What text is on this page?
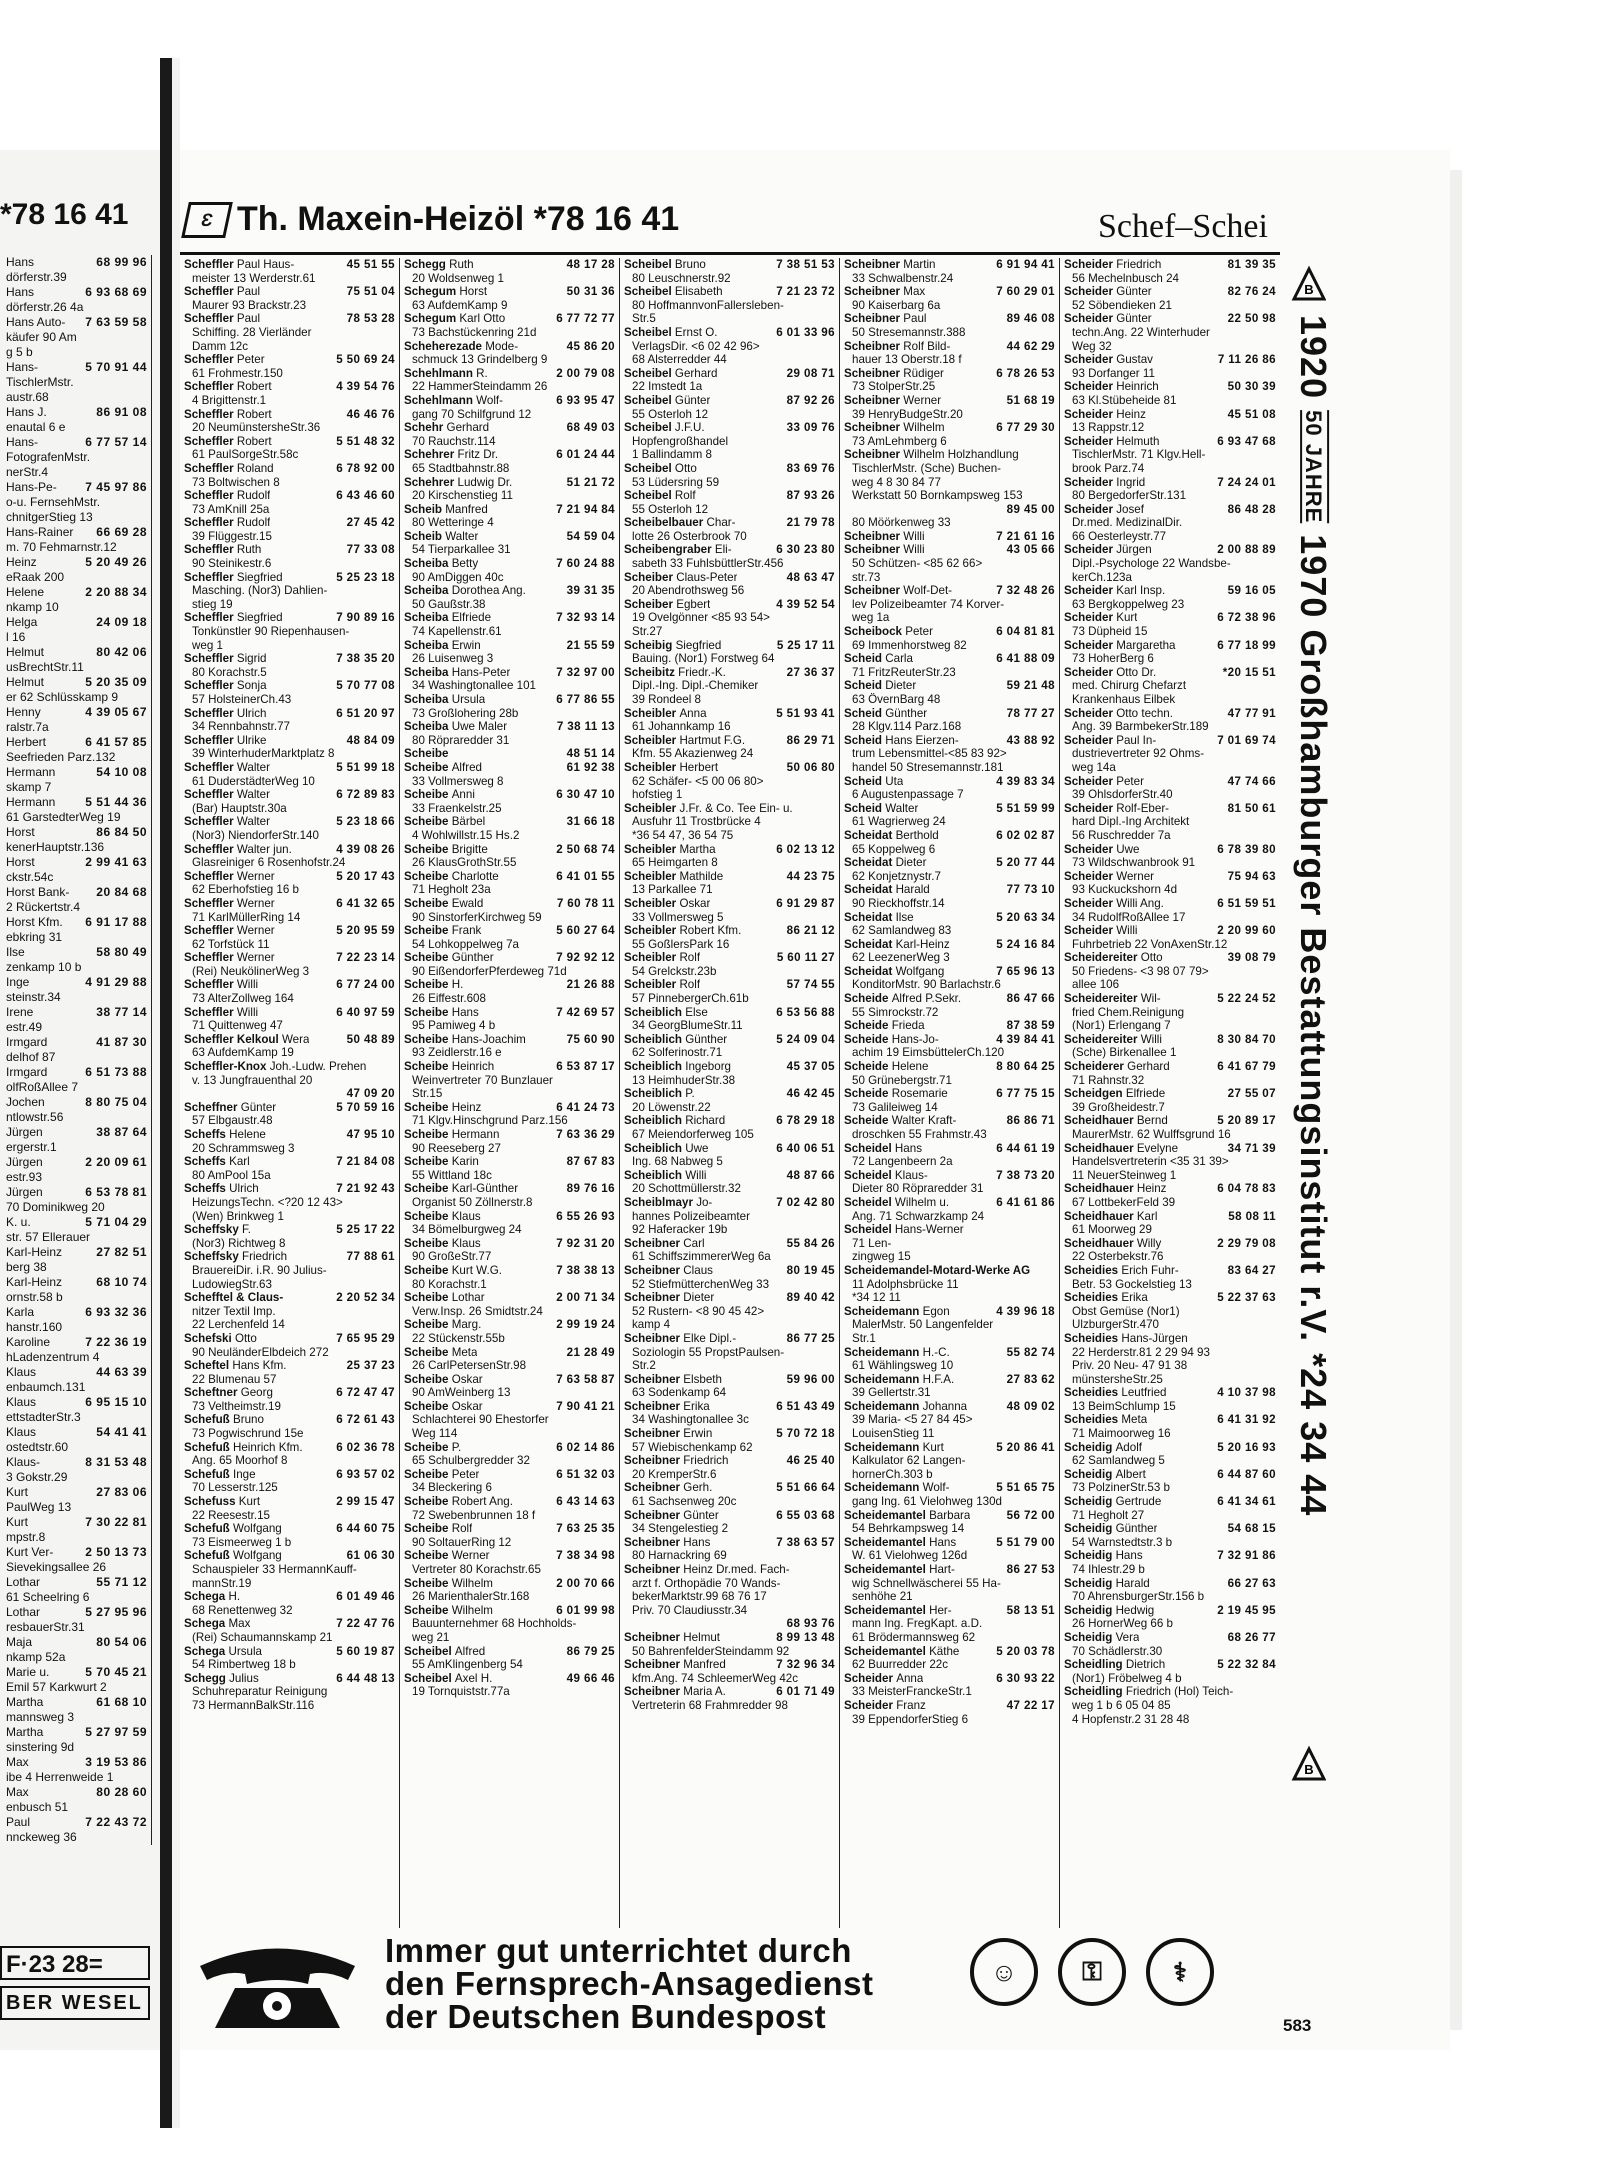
*78 16 41
Hans	68 99 96
dörferstr.39
Hans	6 93 68 69
dörferstr.26 4a
Hans Auto- 7 63 59 58
käufer 90 Am
g 5 b
Hans-	5 70 91 44
TischlerMstr.
austr.68
Hans J.	86 91 08
enautal 6 e
Hans-	6 77 57 14
FotografenMstr.
nerStr.4
Hans-Pe- 7 45 97 86
o-u. FernsehMstr.
chnitgerStieg 13
Hans-Rainer 66 69 28
m. 70 Fehmarnstr.12
Heinz	5 20 49 26
eRaak 200
Helene	2 20 88 34
nkamp 10
Helga	24 09 18
l 16
Helmut	80 42 06
usBrechtStr.11
Helmut	5 20 35 09
er 62 Schlüsskamp 9
Henny	4 39 05 67
ralstr.7a
Herbert	6 41 57 85
Seefrieden Parz.132
Hermann	54 10 08
skamp 7
Hermann 5 51 44 36
61 GarstedterWeg 19
Horst	86 84 50
kenerHauptstr.136
Horst	2 99 41 63
ckstr.54c
Horst Bank- 20 84 68
2 Rückertstr.4
Horst Kfm. 6 91 17 88
ebkring 31
Ilse	58 80 49
zenkamp 10 b
Inge	4 91 29 88
steinstr.34
Irene	38 77 14
estr.49
Irmgard	41 87 30
delhof 87
Irmgard	6 51 73 88
olfRoßAllee 7
Jochen	8 80 75 04
ntlowstr.56
Jürgen	38 87 64
ergerstr.1
Jürgen	2 20 09 61
estr.93
Jürgen	6 53 78 81
70 Dominikweg 20
K. u.	5 71 04 29
str. 57 Ellerauer
Karl-Heinz	27 82 51
berg 38
Karl-Heinz	68 10 74
ornstr.58 b
Karla	6 93 32 36
hanstr.160
Karoline	7 22 36 19
hLadenzentrum 4
Klaus	44 63 39
enbaumch.131
Klaus	6 95 15 10
ettstadterStr.3
Klaus	54 41 41
ostedtstr.60
Klaus-	8 31 53 48
3 Gokstr.29
Kurt	27 83 06
PaulWeg 13
Kurt	7 30 22 81
mpstr.8
Kurt Ver-	2 50 13 73
Sievekingsallee 26
Lothar	55 71 12
61 Scheelring 6
Lothar	5 27 95 96
resbauerStr.31
Maja	80 54 06
nkamp 52a
Marie u.	5 70 45 21
Emil 57 Karkwurt 2
Martha	61 68 10
mannsweg 3
Martha	5 27 97 59
sinstering 9d
Max	3 19 53 86
ibe 4 Herrenweide 1
Max	80 28 60
enbusch 51
Paul	7 22 43 72
nnckeweg 36
F·23 28=
BER WESEL
Ɛ Th. Maxein-Heizöl *78 16 41	Schef–Schei
Scheffler Paul Haus-	45 51 55
meister 13 Werderstr.61
Scheffler Paul	75 51 04
Maurer 93 Brackstr.23
Scheffler Paul	78 53 28
Schiffing. 28 Vierländer
Damm 12c
Scheffler Peter	5 50 69 24
61 Frohmestr.150
Scheffler Robert	4 39 54 76
4 Brigittenstr.1
Scheffler Robert	46 46 76
20 NeumünstersheStr.36
Scheffler Robert	5 51 48 32
61 PaulSorgeStr.58c
Scheffler Roland	6 78 92 00
73 Boltwischen 8
Scheffler Rudolf	6 43 46 60
73 AmKnill 25a
Scheffler Rudolf	27 45 42
39 Flüggestr.15
Scheffler Ruth	77 33 08
90 Steinikestr.6
Scheffler Siegfried	5 25 23 18
Masching. (Nor3) Dahlien-
stieg 19
Scheffler Siegfried	7 90 89 16
Tonkünstler 90 Riepenhausen-
weg 1
Scheffler Sigrid	7 38 35 20
80 Korachstr.5
Scheffler Sonja	5 70 77 08
57 HolsteinerCh.43
Scheffler Ulrich	6 51 20 97
34 Rennbahnstr.77
Scheffler Ulrike	48 84 09
39 WinterhuderMarktplatz 8
Scheffler Walter	5 51 99 18
61 DuderstädterWeg 10
Scheffler Walter	6 72 89 83
(Bar) Hauptstr.30a
Scheffler Walter	5 23 18 66
(Nor3) NiendorferStr.140
Scheffler Walter jun.	4 39 08 26
Glasreiniger 6 Rosenhofstr.24
Scheffler Werner	5 20 17 43
62 Eberhofstieg 16 b
Scheffler Werner	6 41 32 65
71 KarlMüllerRing 14
Scheffler Werner	5 20 95 59
62 Torfstück 11
Scheffler Werner	7 22 23 14
(Rei) NeukölinerWeg 3
Scheffler Willi	6 77 24 00
73 AlterZollweg 164
Scheffler Willi	6 40 97 59
71 Quittenweg 47
Scheffler Kelkoul Wera	50 48 89
63 AufdemKamp 19
Scheffler-Knox Joh.-Ludw. Prehen
v. 13 Jungfrauenthal 20
47 09 20
Scheffner Günter	5 70 59 16
57 Elbgaustr.48
Scheffs Helene	47 95 10
20 Schrammsweg 3
Scheffs Karl	7 21 84 08
80 AmPool 15a
Scheffs Ulrich	7 21 92 43
HeizungsTechn. <?20 12 43>
(Wen) Brinkweg 1
Scheffsky F.	5 25 17 22
(Nor3) Richtweg 8
Scheffsky Friedrich	77 88 61
BrauereiDir. i.R. 90 Julius-
LudowiegStr.63
Schefftel & Claus-	2 20 52 34
nitzer Textil Imp.
22 Lerchenfeld 14
Schefski Otto	7 65 95 29
90 NeuländerElbdeich 272
Scheftel Hans Kfm.	25 37 23
22 Blumenau 57
Scheftner Georg	6 72 47 47
73 Veltheimstr.19
Schefuß Bruno	6 72 61 43
73 Pogwischrund 15e
Schefuß Heinrich Kfm.	6 02 36 78
Ang. 65 Moorhof 8
Schefuß Inge	6 93 57 02
70 Lesserstr.125
Schefuss Kurt	2 99 15 47
22 Reesestr.15
Schefuß Wolfgang	6 44 60 75
73 Eismeerweg 1 b
Schefuß Wolfgang	61 06 30
Schauspieler 33 HermannKauff-
mannStr.19
Schega H.	6 01 49 46
68 Renettenweg 32
Schega Max	7 22 47 76
(Rei) Schaumannskamp 21
Schega Ursula	5 60 19 87
54 Rimbertweg 18 b
Schegg Julius	6 44 48 13
Schuhreparatur Reinigung
73 HermannBalkStr.116
Schegg Ruth	48 17 28
20 Woldsenweg 1
Schegum Horst	50 31 36
63 AufdemKamp 9
Schegum Karl Otto	6 77 72 77
73 Bachstückenring 21d
Scheherezade Mode-	45 86 20
schmuck 13 Grindelberg 9
Schehlmann R.	2 00 79 08
22 HammerSteindamm 26
Schehlmann Wolf-	6 93 95 47
gang 70 Schilfgrund 12
Schehr Gerhard	68 49 03
70 Rauchstr.114
Schehrer Fritz Dr.	6 01 24 44
65 Stadtbahnstr.88
Schehrer Ludwig Dr.	51 21 72
20 Kirschenstieg 11
Scheib Manfred	7 21 94 84
80 Wetteringe 4
Scheib Walter	54 59 04
54 Tierparkallee 31
Scheiba Betty	7 60 24 88
90 AmDiggen 40c
Scheiba Dorothea Ang.	39 31 35
50 Gaußstr.38
Scheiba Elfriede	7 32 93 14
74 Kapellenstr.61
Scheiba Erwin	21 55 59
26 Luisenweg 3
Scheiba Hans-Peter	7 32 97 00
34 Washingtonallee 101
Scheiba Ursula	6 77 86 55
73 Großlohering 28b
Scheiba Uwe Maler	7 38 11 13
80 Röpraredder 31
Scheibe	48 51 14
Scheibe Alfred	61 92 38
33 Vollmersweg 8
Scheibe Anni	6 30 47 10
33 Fraenkelstr.25
Scheibe Bärbel	31 66 18
4 Wohlwillstr.15 Hs.2
Scheibe Brigitte	2 50 68 74
26 KlausGrothStr.55
Scheibe Charlotte	6 41 01 55
71 Hegholt 23a
Scheibe Ewald	7 60 78 11
90 SinstorferKirchweg 59
Scheibe Frank	5 60 27 64
54 Lohkoppelweg 7a
Scheibe Günther	7 92 92 12
90 EißendorferPferdeweg 71d
Scheibe H.	21 26 88
26 Eiffestr.608
Scheibe Hans	7 42 69 57
95 Pamiweg 4 b
Scheibe Hans-Joachim	75 60 90
93 Zeidlerstr.16 e
Scheibe Heinrich	6 53 87 17
Weinvertreter 70 Bunzlauer
Str.15
Scheibe Heinz	6 41 24 73
71 Klgv.Hinschgrund Parz.156
Scheibe Hermann	7 63 36 29
90 Reeseberg 27
Scheibe Karin	87 67 83
55 Wittland 18c
Scheibe Karl-Günther	89 76 16
Organist 50 Zöllnerstr.8
Scheibe Klaus	6 55 26 93
34 Bömelburgweg 24
Scheibe Klaus	7 92 31 20
90 GroßeStr.77
Scheibe Kurt W.G.	7 38 38 13
80 Korachstr.1
Scheibe Lothar	2 00 71 34
Verw.Insp. 26 Smidtstr.24
Scheibe Marg.	2 99 19 24
22 Stückenstr.55b
Scheibe Meta	21 28 49
26 CarlPetersenStr.98
Scheibe Oskar	7 63 58 87
90 AmWeinberg 13
Scheibe Oskar	7 90 41 21
Schlachterei 90 Ehestorfer
Weg 114
Scheibe P.	6 02 14 86
65 Schulbergredder 32
Scheibe Peter	6 51 32 03
34 Bleckering 6
Scheibe Robert Ang.	6 43 14 63
72 Swebenbrunnen 18 f
Scheibe Rolf	7 63 25 35
90 SoltauerRing 12
Scheibe Werner	7 38 34 98
Vertreter 80 Korachstr.65
Scheibe Wilhelm	2 00 70 66
26 MarienthalerStr.168
Scheibe Wilhelm	6 01 99 98
Bauunternehmer 68 Hochholds-
weg 21
Scheibel Alfred	86 79 25
55 AmKlingenberg 54
Scheibel Axel H.	49 66 46
19 Tornquiststr.77a
Scheibel Bruno	7 38 51 53
80 Leuschnerstr.92
Scheibel Elisabeth	7 21 23 72
80 HoffmannvonFallersleben-
Str.5
Scheibel Ernst O.	6 01 33 96
VerlagsDir. <6 02 42 96>
68 Alsterredder 44
Scheibel Gerhard	29 08 71
22 Imstedt 1a
Scheibel Günter	87 92 26
55 Osterloh 12
Scheibel J.F.U.	33 09 76
Hopfengroßhandel
1 Ballindamm 8
Scheibel Otto	83 69 76
53 Lüdersring 59
Scheibel Rolf	87 93 26
55 Osterloh 12
Scheibelbauer Char-	21 79 78
lotte 26 Osterbrook 70
Scheibengraber Eli-	6 30 23 80
sabeth 33 FuhlsbüttlerStr.456
Scheiber Claus-Peter	48 63 47
20 Abendrothsweg 56
Scheiber Egbert	4 39 52 54
19 Ovelgönner <85 93 54>
Str.27
Scheibig Siegfried	5 25 17 11
Bauing. (Nor1) Forstweg 64
Scheibitz Friedr.-K.	27 36 37
Dipl.-Ing. Dipl.-Chemiker
39 Rondeel 8
Scheibler Anna	5 51 93 41
61 Johannkamp 16
Scheibler Hartmut F.G.	86 29 71
Kfm. 55 Akazienweg 24
Scheibler Herbert	50 06 80
62 Schäfer- <5 00 06 80>
hofstieg 1
Scheibler J.Fr. & Co. Tee Ein- u.
Ausfuhr 11 Trostbrücke 4
*36 54 47, 36 54 75
Scheibler Martha	6 02 13 12
65 Heimgarten 8
Scheibler Mathilde	44 23 75
13 Parkallee 71
Scheibler Oskar	6 91 29 87
33 Vollmersweg 5
Scheibler Robert Kfm.	86 21 12
55 GoßlersPark 16
Scheibler Rolf	5 60 11 27
54 Grelckstr.23b
Scheibler Rolf	57 74 55
57 PinnebergerCh.61b
Scheiblich Else	6 53 56 88
34 GeorgBlumeStr.11
Scheiblich Günther	5 24 09 04
62 Solferinostr.71
Scheiblich Ingeborg	45 37 05
13 HeimhuderStr.38
Scheiblich P.	46 42 45
20 Löwenstr.22
Scheiblich Richard	6 78 29 18
67 Meiendorferweg 105
Scheiblich Uwe	6 40 06 51
Ing. 68 Nabweg 5
Scheiblich Willi	48 87 66
20 Schottmüllerstr.32
Scheiblmayr Jo-	7 02 42 80
hannes Polizeibeamter
92 Haferacker 19b
Scheibner Carl	55 84 26
61 SchiffszimmererWeg 6a
Scheibner Claus	80 19 45
52 StiefmütterchenWeg 33
Scheibner Dieter	89 40 42
52 Rustern- <8 90 45 42>
kamp 4
Scheibner Elke Dipl.-	86 77 25
Soziologin 55 PropstPaulsen-
Str.2
Scheibner Elsbeth	59 96 00
63 Sodenkamp 64
Scheibner Erika	6 51 43 49
34 Washingtonallee 3c
Scheibner Erwin	5 70 72 18
57 Wiebischenkamp 62
Scheibner Friedrich	46 25 40
20 KremperStr.6
Scheibner Gerh.	5 51 66 64
61 Sachsenweg 20c
Scheibner Günter	6 55 03 68
34 Stengelestieg 2
Scheibner Hans	7 38 63 57
80 Harnackring 69
Scheibner Heinz Dr.med. Fach-
arzt f. Orthopädie 70 Wands-
bekerMarktstr.99 68 76 17
Priv. 70 Claudiusstr.34
68 93 76
Scheibner Helmut	8 99 13 48
50 BahrenfelderSteindamm 92
Scheibner Manfred	7 32 96 34
kfm.Ang. 74 SchleemerWeg 42c
Scheibner Maria A.	6 01 71 49
Vertreterin 68 Frahmredder 98
Scheibner Martin	6 91 94 41
33 Schwalbenstr.24
Scheibner Max	7 60 29 01
90 Kaiserbarg 6a
Scheibner Paul	89 46 08
50 Stresemannstr.388
Scheibner Rolf Bild-	44 62 29
hauer 13 Oberstr.18 f
Scheibner Rüdiger	6 78 26 53
73 StolperStr.25
Scheibner Werner	51 68 19
39 HenryBudgeStr.20
Scheibner Wilhelm	6 77 29 30
73 AmLehmberg 6
Scheibner Wilhelm Holzhandlung
TischlerMstr. (Sche) Buchen-
weg 4 8 30 84 77
Werkstatt 50 Bornkampsweg 153
89 45 00
80 Möörkenweg 33
Scheibner Willi	7 21 61 16
Scheibner Willi	43 05 66
50 Schützen- <85 62 66>
str.73
Scheibner Wolf-Det-	7 32 48 26
lev Polizeibeamter 74 Korver-
weg 1a
Scheibock Peter	6 04 81 81
69 Immenhorstweg 82
Scheid Carla	6 41 88 09
71 FritzReuterStr.23
Scheid Dieter	59 21 48
63 ÖvernBarg 48
Scheid Günther	78 77 27
28 Klgv.114 Parz.168
Scheid Hans Eierzen-	43 88 92
trum Lebensmittel-<85 83 92>
handel 50 Stresemannstr.181
Scheid Uta	4 39 83 34
6 Augustenpassage 7
Scheid Walter	5 51 59 99
61 Wagrierweg 24
Scheidat Berthold	6 02 02 87
65 Koppelweg 6
Scheidat Dieter	5 20 77 44
62 Konjetznystr.7
Scheidat Harald	77 73 10
90 Rieckhoffstr.14
Scheidat Ilse	5 20 63 34
62 Samlandweg 83
Scheidat Karl-Heinz	5 24 16 84
62 LeezenerWeg 3
Scheidat Wolfgang	7 65 96 13
KonditorMstr. 90 Barlachstr.6
Scheide Alfred P.Sekr.	86 47 66
55 Simrockstr.72
Scheide Frieda	87 38 59
Scheide Hans-Jo-	4 39 84 41
achim 19 EimsbüttelerCh.120
Scheide Helene	8 80 64 25
50 Grünebergstr.71
Scheide Rosemarie	6 77 75 15
73 Galileiweg 14
Scheide Walter Kraft-	86 86 71
droschken 55 Frahmstr.43
Scheidel Hans	6 44 61 19
72 Langenbeern 2a
Scheidel Klaus-	7 38 73 20
Dieter 80 Röpraredder 31
Scheidel Wilhelm u.	6 41 61 86
Ang. 71 Schwarzkamp 24
Scheidel Hans-Werner
71 Len-
zingweg 15
Scheidemandel-Motard-Werke AG
11 Adolphsbrücke 11
*34 12 11
Scheidemann Egon	4 39 96 18
MalerMstr. 50 Langenfelder
Str.1
Scheidemann H.-C.	55 82 74
61 Wählingsweg 10
Scheidemann H.F.A.	27 83 62
39 Gellertstr.31
Scheidemann Johanna	48 09 02
39 Maria- <5 27 84 45>
LouisenStieg 11
Scheidemann Kurt	5 20 86 41
Kalkulator 62 Langen-
hornerCh.303 b
Scheidemann Wolf-	5 51 65 75
gang Ing. 61 Vielohweg 130d
Scheidemantel Barbara	56 72 00
54 Behrkampsweg 14
Scheidemantel Hans	5 51 79 00
W. 61 Vielohweg 126d
Scheidemantel Hart-	86 27 53
wig Schnellwäscherei 55 Ha-
senhöhe 21
Scheidemantel Her-	58 13 51
mann Ing. FregKapt. a.D.
61 Brödermannsweg 62
Scheidemantel Käthe	5 20 03 78
62 Buurredder 22c
Scheider Anna	6 30 93 22
33 MeisterFranckeStr.1
Scheider Franz	47 22 17
39 EppendorferStieg 6
Scheider Friedrich	81 39 35
56 Mechelnbusch 24
Scheider Günter	82 76 24
52 Söbendieken 21
Scheider Günter	22 50 98
techn.Ang. 22 Winterhuder
Weg 32
Scheider Gustav	7 11 26 86
93 Dorfanger 11
Scheider Heinrich	50 30 39
63 Kl.Stübeheide 81
Scheider Heinz	45 51 08
13 Rappstr.12
Scheider Helmuth	6 93 47 68
TischlerMstr. 71 Klgv.Hell-
brook Parz.74
Scheider Ingrid	7 24 24 01
80 BergedorferStr.131
Scheider Josef	86 48 28
Dr.med. MedizinalDir.
66 Oesterleystr.77
Scheider Jürgen	2 00 88 89
Dipl.-Psychologe 22 Wandsbe-
kerCh.123a
Scheider Karl Insp.	59 16 05
63 Bergkoppelweg 23
Scheider Kurt	6 72 38 96
73 Düpheid 15
Scheider Margaretha	6 77 18 99
73 HoherBerg 6
Scheider Otto Dr.	*20 15 51
med. Chirurg Chefarzt
Krankenhaus Eilbek
Scheider Otto techn.	47 77 91
Ang. 39 BarmbekerStr.189
Scheider Paul In-	7 01 69 74
dustrievertreter 92 Ohms-
weg 14a
Scheider Peter	47 74 66
39 OhlsdorferStr.40
Scheider Rolf-Eber-	81 50 61
hard Dipl.-Ing Architekt
56 Ruschredder 7a
Scheider Uwe	6 78 39 80
73 Wildschwanbrook 91
Scheider Werner	75 94 63
93 Kuckuckshorn 4d
Scheider Willi Ang.	6 51 59 51
34 RudolfRoßAllee 17
Scheider Willi	2 20 99 60
Fuhrbetrieb 22 VonAxenStr.12
Scheidereiter Otto	39 08 79
50 Friedens- <3 98 07 79>
allee 106
Scheidereiter Wil-	5 22 24 52
fried Chem.Reinigung
(Nor1) Erlengang 7
Scheidereiter Willi	8 30 84 70
(Sche) Birkenallee 1
Scheiderer Gerhard	6 41 67 79
71 Rahnstr.32
Scheidgen Elfriede	27 55 07
39 Großheidestr.7
Scheidhauer Bernd	5 20 89 17
MaurerMstr. 62 Wulffsgrund 16
Scheidhauer Evelyne	34 71 39
Handelsvertreterin <35 31 39>
11 NeuerSteinweg 1
Scheidhauer Heinz	6 04 78 83
67 LottbekerFeld 39
Scheidhauer Karl	58 08 11
61 Moorweg 29
Scheidhauer Willy	2 29 79 08
22 Osterbekstr.76
Scheidies Erich Fuhr-	83 64 27
Betr. 53 Gockelstieg 13
Scheidies Erika	5 22 37 63
Obst Gemüse (Nor1)
UlzburgerStr.470
Scheidies Hans-Jürgen
22 Herderstr.81 2 29 94 93
Priv. 20 Neu- 47 91 38
münstersheStr.25
Scheidies Leutfried	4 10 37 98
13 BeimSchlump 15
Scheidies Meta	6 41 31 92
71 Maimoorweg 16
Scheidig Adolf	5 20 16 93
62 Samlandweg 5
Scheidig Albert	6 44 87 60
73 PolzinerStr.53 b
Scheidig Gertrude	6 41 34 61
71 Hegholt 27
Scheidig Günther	54 68 15
54 Warnstedtstr.3 b
Scheidig Hans	7 32 91 86
74 Ihlestr.29 b
Scheidig Harald	66 27 63
70 AhrensburgerStr.156 b
Scheidig Hedwig	2 19 45 95
26 HornerWeg 66 b
Scheidig Vera	68 26 77
70 Schädlerstr.30
Scheidling Dietrich	5 22 32 84
(Nor1) Fröbelweg 4 b
Scheidling Friedrich (Hol) Teich-
weg 1 b 6 05 04 85
4 Hopfenstr.2 31 28 48
B
1920 50 JAHRE 1970 Großhamburger Bestattungsinstitut r.V. *24 34 44
B
Immer gut unterrichtet durch
den Fernsprech-Ansagedienst
der Deutschen Bundespost
☺	⚿	⚕
583
